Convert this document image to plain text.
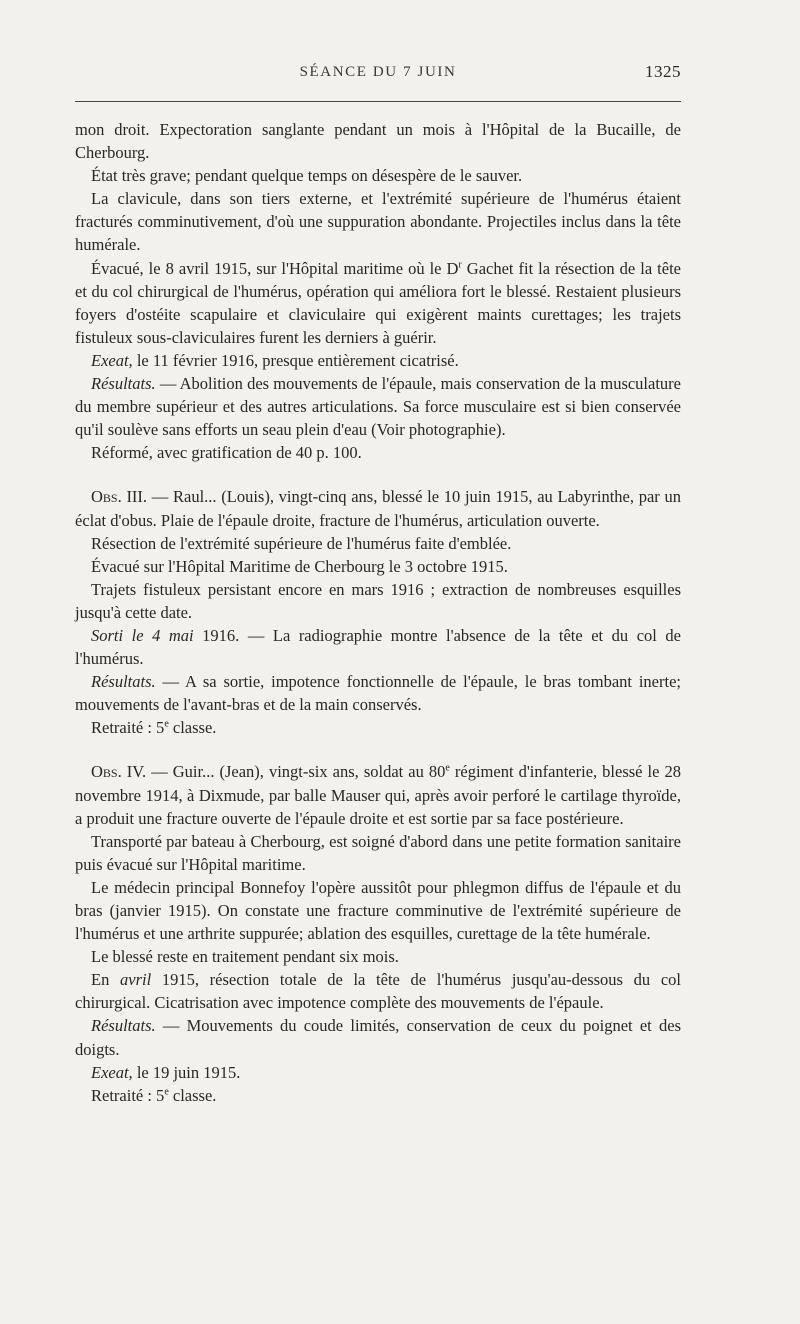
SÉANCE DU 7 JUIN	1325

mon droit. Expectoration sanglante pendant un mois à l'Hôpital de la Bucaille, de Cherbourg.

État très grave; pendant quelque temps on désespère de le sauver.

La clavicule, dans son tiers externe, et l'extrémité supérieure de l'humérus étaient fracturés comminutivement, d'où une suppuration abondante. Projectiles inclus dans la tête humérale.

Évacué, le 8 avril 1915, sur l'Hôpital maritime où le $D^r$ Gachet fit la résection de la tête et du col chirurgical de l'humérus, opération qui améliora fort le blessé. Restaient plusieurs foyers d'ostéite scapulaire et claviculaire qui exigèrent maints curettages; les trajets fistuleux sous-claviculaires furent les derniers à guérir.

Exeat, le 11 février 1916, presque entièrement cicatrisé.

Résultats. — Abolition des mouvements de l'épaule, mais conservation de la musculature du membre supérieur et des autres articulations. Sa force musculaire est si bien conservée qu'il soulève sans efforts un seau plein d'eau (Voir photographie).

Réformé, avec gratification de 40 p. 100.

Obs. III. — Raul... (Louis), vingt-cinq ans, blessé le 10 juin 1915, au Labyrinthe, par un éclat d'obus. Plaie de l'épaule droite, fracture de l'humérus, articulation ouverte.

Résection de l'extrémité supérieure de l'humérus faite d'emblée.

Évacué sur l'Hôpital Maritime de Cherbourg le 3 octobre 1915.

Trajets fistuleux persistant encore en mars 1916 ; extraction de nombreuses esquilles jusqu'à cette date.

Sorti le 4 mai 1916. — La radiographie montre l'absence de la tête et du col de l'humérus.

Résultats. — A sa sortie, impotence fonctionnelle de l'épaule, le bras tombant inerte; mouvements de l'avant-bras et de la main conservés.

Retraité : 5e classe.

Obs. IV. — Guir... (Jean), vingt-six ans, soldat au 80e régiment d'infanterie, blessé le 28 novembre 1914, à Dixmude, par balle Mauser qui, après avoir perforé le cartilage thyroïde, a produit une fracture ouverte de l'épaule droite et est sortie par sa face postérieure.

Transporté par bateau à Cherbourg, est soigné d'abord dans une petite formation sanitaire puis évacué sur l'Hôpital maritime.

Le médecin principal Bonnefoy l'opère aussitôt pour phlegmon diffus de l'épaule et du bras (janvier 1915). On constate une fracture comminutive de l'extrémité supérieure de l'humérus et une arthrite suppurée; ablation des esquilles, curettage de la tête humérale.

Le blessé reste en traitement pendant six mois.

En avril 1915, résection totale de la tête de l'humérus jusqu'au-dessous du col chirurgical. Cicatrisation avec impotence complète des mouvements de l'épaule.

Résultats. — Mouvements du coude limités, conservation de ceux du poignet et des doigts.

Exeat, le 19 juin 1915.

Retraité : 5e classe.
